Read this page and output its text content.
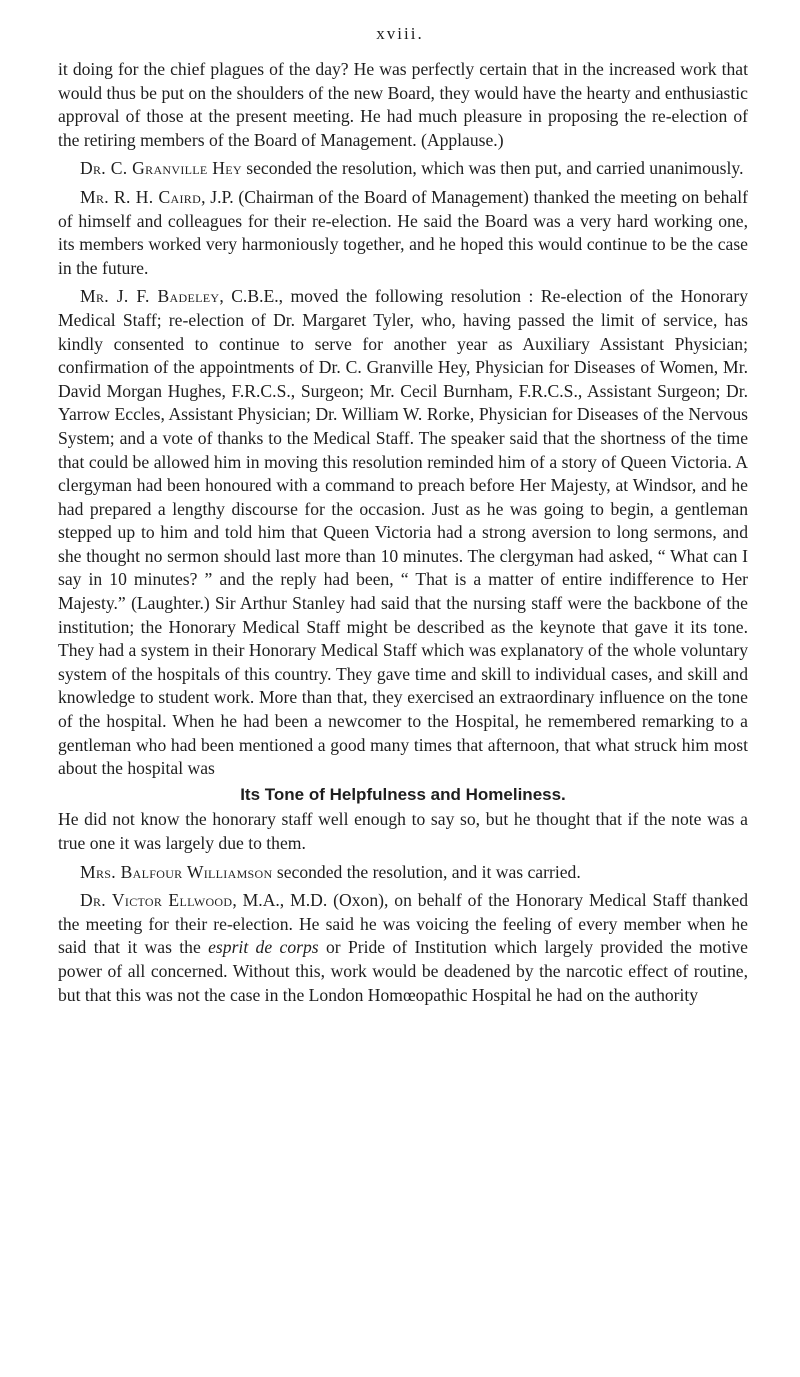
xviii.

it doing for the chief plagues of the day? He was perfectly certain that in the increased work that would thus be put on the shoulders of the new Board, they would have the hearty and enthusiastic approval of those at the present meeting. He had much pleasure in proposing the re-election of the retiring members of the Board of Management. (Applause.)

Dr. C. Granville Hey seconded the resolution, which was then put, and carried unanimously.

Mr. R. H. Caird, J.P. (Chairman of the Board of Management) thanked the meeting on behalf of himself and colleagues for their re-election. He said the Board was a very hard working one, its members worked very harmoniously together, and he hoped this would continue to be the case in the future.

Mr. J. F. Badeley, C.B.E., moved the following resolution : Re-election of the Honorary Medical Staff; re-election of Dr. Margaret Tyler, who, having passed the limit of service, has kindly consented to continue to serve for another year as Auxiliary Assistant Physician; confirmation of the appointments of Dr. C. Granville Hey, Physician for Diseases of Women, Mr. David Morgan Hughes, F.R.C.S., Surgeon; Mr. Cecil Burnham, F.R.C.S., Assistant Surgeon; Dr. Yarrow Eccles, Assistant Physician; Dr. William W. Rorke, Physician for Diseases of the Nervous System; and a vote of thanks to the Medical Staff. The speaker said that the shortness of the time that could be allowed him in moving this resolution reminded him of a story of Queen Victoria. A clergyman had been honoured with a command to preach before Her Majesty, at Windsor, and he had prepared a lengthy discourse for the occasion. Just as he was going to begin, a gentleman stepped up to him and told him that Queen Victoria had a strong aversion to long sermons, and she thought no sermon should last more than 10 minutes. The clergyman had asked, “ What can I say in 10 minutes? ” and the reply had been, “ That is a matter of entire indifference to Her Majesty.” (Laughter.) Sir Arthur Stanley had said that the nursing staff were the backbone of the institution; the Honorary Medical Staff might be described as the keynote that gave it its tone. They had a system in their Honorary Medical Staff which was explanatory of the whole voluntary system of the hospitals of this country. They gave time and skill to individual cases, and skill and knowledge to student work. More than that, they exercised an extraordinary influence on the tone of the hospital. When he had been a newcomer to the Hospital, he remembered remarking to a gentleman who had been mentioned a good many times that afternoon, that what struck him most about the hospital was

Its Tone of Helpfulness and Homeliness.

He did not know the honorary staff well enough to say so, but he thought that if the note was a true one it was largely due to them.

Mrs. Balfour Williamson seconded the resolution, and it was carried.

Dr. Victor Ellwood, M.A., M.D. (Oxon), on behalf of the Honorary Medical Staff thanked the meeting for their re-election. He said he was voicing the feeling of every member when he said that it was the esprit de corps or Pride of Institution which largely provided the motive power of all concerned. Without this, work would be deadened by the narcotic effect of routine, but that this was not the case in the London Homœopathic Hospital he had on the authority
